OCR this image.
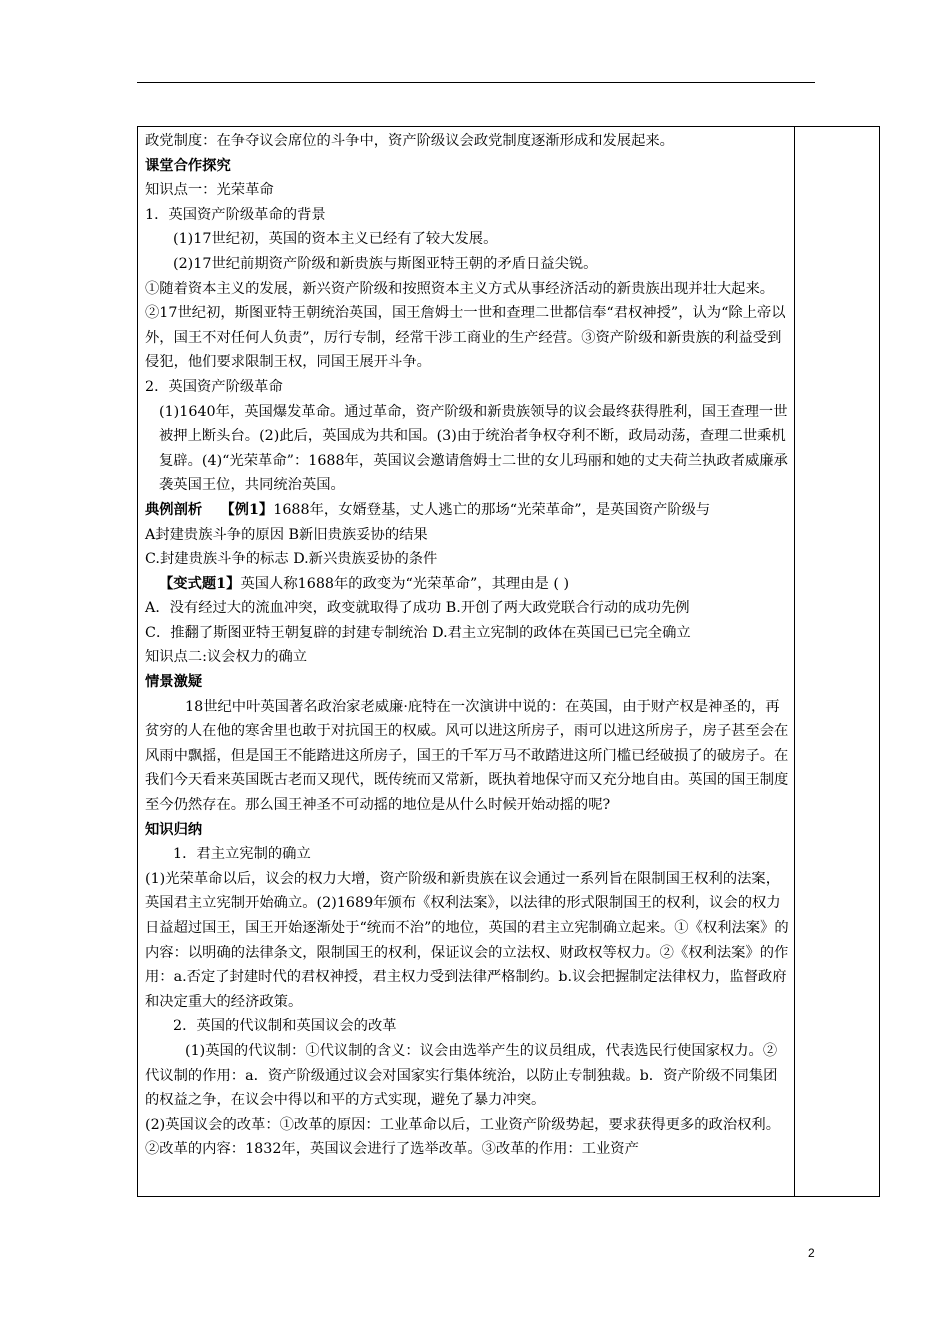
政党制度：在争夺议会席位的斗争中，资产阶级议会政党制度逐渐形成和发展起来。

课堂合作探究

知识点一：光荣革命

1．英国资产阶级革命的背景

(1)17世纪初，英国的资本主义已经有了较大发展。

(2)17世纪前期资产阶级和新贵族与斯图亚特王朝的矛盾日益尖锐。

①随着资本主义的发展，新兴资产阶级和按照资本主义方式从事经济活动的新贵族出现并壮大起来。②17世纪初，斯图亚特王朝统治英国，国王詹姆士一世和查理二世都信奉“君权神授”，认为“除上帝以外，国王不对任何人负责”，厉行专制，经常干涉工商业的生产经营。③资产阶级和新贵族的利益受到侵犯，他们要求限制王权，同国王展开斗争。

2．英国资产阶级革命

(1)1640年，英国爆发革命。通过革命，资产阶级和新贵族领导的议会最终获得胜利，国王查理一世被押上断头台。(2)此后，英国成为共和国。(3)由于统治者争权夺利不断，政局动荡，查理二世乘机复辟。(4)“光荣革命”：1688年，英国议会邀请詹姆士二世的女儿玛丽和她的丈夫荷兰执政者威廉承袭英国王位，共同统治英国。

典例剖析 【例1】1688年，女婿登基，丈人逃亡的那场“光荣革命”，是英国资产阶级与

A封建贵族斗争的原因 B新旧贵族妥协的结果

C.封建贵族斗争的标志 D.新兴贵族妥协的条件

【变式题1】英国人称1688年的政变为“光荣革命”，其理由是 ( )

A．没有经过大的流血冲突，政变就取得了成功 B.开创了两大政党联合行动的成功先例

C．推翻了斯图亚特王朝复辟的封建专制统治 D.君主立宪制的政体在英国已已完全确立

知识点二:议会权力的确立

情景激疑

18世纪中叶英国著名政治家老威廉·庇特在一次演讲中说的：在英国，由于财产权是神圣的，再贫穷的人在他的寒舍里也敢于对抗国王的权威。风可以进这所房子，雨可以进这所房子，房子甚至会在风雨中飘摇，但是国王不能踏进这所房子，国王的千军万马不敢踏进这所门槛已经破损了的破房子。在我们今天看来英国既古老而又现代，既传统而又常新，既执着地保守而又充分地自由。英国的国王制度至今仍然存在。那么国王神圣不可动摇的地位是从什么时候开始动摇的呢?

知识归纳

1．君主立宪制的确立

(1)光荣革命以后，议会的权力大增，资产阶级和新贵族在议会通过一系列旨在限制国王权利的法案，英国君主立宪制开始确立。(2)1689年颁布《权利法案》，以法律的形式限制国王的权利，议会的权力日益超过国王，国王开始逐渐处于“统而不治”的地位，英国的君主立宪制确立起来。①《权利法案》的内容：以明确的法律条文，限制国王的权利，保证议会的立法权、财政权等权力。②《权利法案》的作用：a.否定了封建时代的君权神授，君主权力受到法律严格制约。b.议会把握制定法律权力，监督政府和决定重大的经济政策。

2．英国的代议制和英国议会的改革

(1)英国的代议制：①代议制的含义：议会由选举产生的议员组成，代表选民行使国家权力。②代议制的作用：a．资产阶级通过议会对国家实行集体统治，以防止专制独裁。b．资产阶级不同集团的权益之争，在议会中得以和平的方式实现，避免了暴力冲突。

(2)英国议会的改革：①改革的原因：工业革命以后，工业资产阶级势起，要求获得更多的政治权利。②改革的内容：1832年，英国议会进行了选举改革。③改革的作用：工业资产

2
